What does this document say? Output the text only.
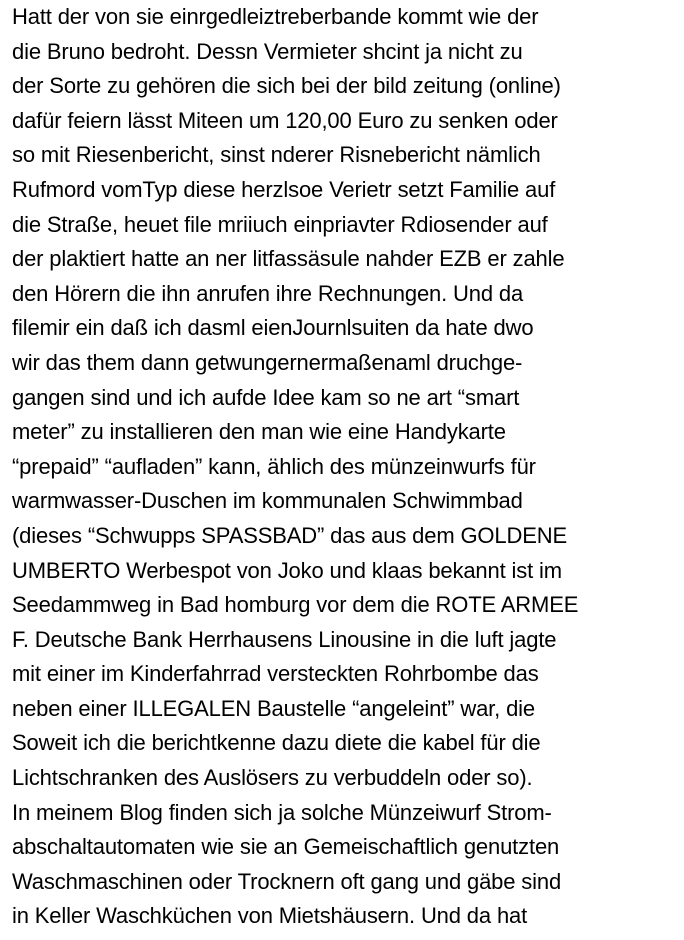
Hatt der von sie einrgedleiztreberbande kommt wie der
die Bruno bedroht. Dessn Vermieter shcint ja nicht zu
der Sorte zu gehören die sich bei der bild zeitung (online)
dafür feiern lässt Miteen um 120,00 Euro zu senken oder
so mit Riesenbericht, sinst nderer Risnebericht nämlich
Rufmord vomTyp diese herzlsoe Verietr setzt Familie auf
die Straße, heuet file mriiuch einpriavter Rdiosender auf
der plaktiert hatte an ner litfassäsule nahder EZB er zahle
den Hörern die ihn anrufen ihre Rechnungen. Und da
filemir ein daß ich dasml eienJournlsuiten da hate dwo
wir das them dann getwungernermaßenaml druchge-
gangen sind und ich aufde Idee kam so ne art “smart
meter” zu installieren den man wie eine Handykarte
“prepaid” “aufladen” kann, ählich des münzeinwurfs für
warmwasser-Duschen im kommunalen Schwimmbad
(dieses “Schwupps SPASSBAD” das aus dem GOLDENE
UMBERTO Werbespot von Joko und klaas bekannt ist im
Seedammweg in Bad homburg vor dem die ROTE ARMEE
F. Deutsche Bank Herrhausens Linousine in die luft jagte
mit einer im Kinderfahrrad versteckten Rohrbombe das
neben einer ILLEGALEN Baustelle “angeleint” war, die
Soweit ich die berichtkenne dazu diete die kabel für die
Lichtschranken des Auslösers zu verbuddeln oder so).
In meinem Blog finden sich ja solche Münzeiwurf Strom-
abschaltautomaten wie sie an Gemeischaftlich genutzten
Waschmaschinen oder Trocknern oft gang und gäbe sind
in Keller Waschküchen von Mietshäusern. Und da hat
